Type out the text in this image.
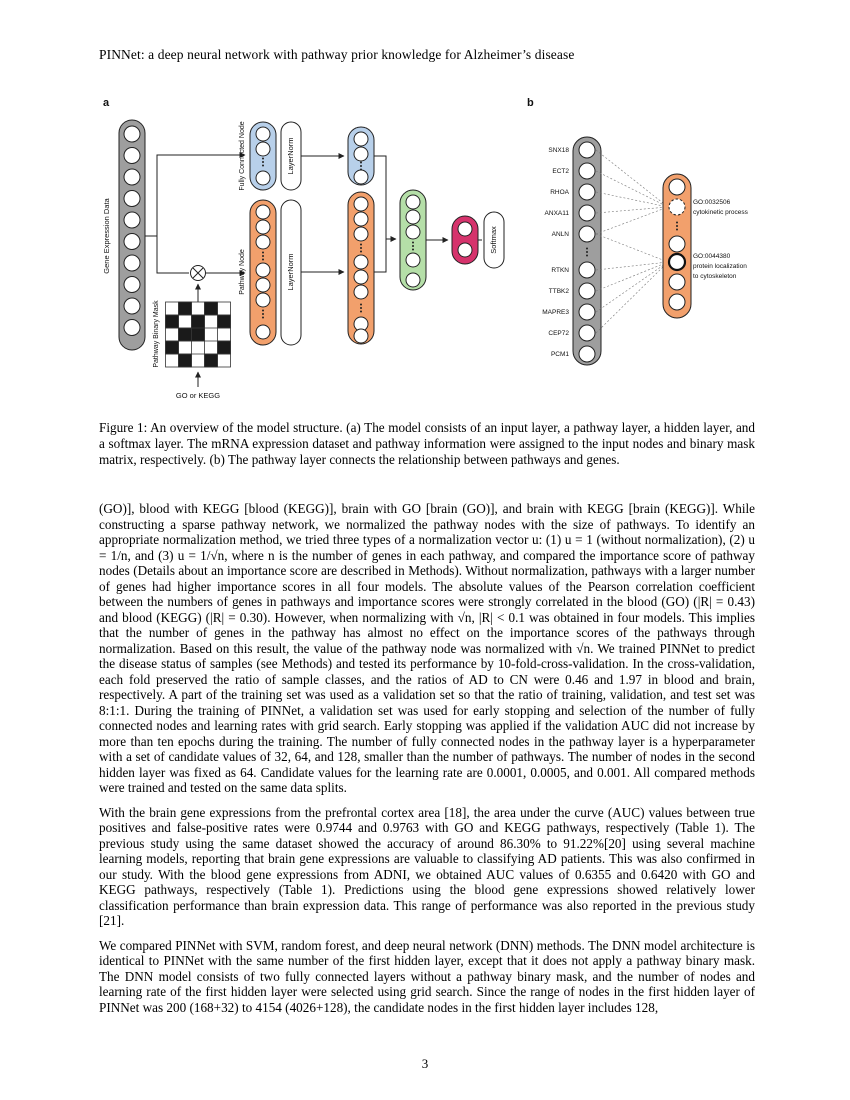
PINNet: a deep neural network with pathway prior knowledge for Alzheimer’s disease
a
Gene Expression Data
Pathway Binary Mask
GO or KEGG
Fully Connected Node	LayerNorm
Pathway Node	LayerNorm
Softmax
b
SNX18
ECT2
RHOA
ANXA11
ANLN
RTKN
TTBK2
MAPRE3
CEP72
PCM1
GO:0032506
cytokinetic process
GO:0044380
protein localization
to cytoskeleton
Figure 1: An overview of the model structure. (a) The model consists of an input layer, a pathway layer, a hidden layer, and a softmax layer. The mRNA expression dataset and pathway information were assigned to the input nodes and binary mask matrix, respectively. (b) The pathway layer connects the relationship between pathways and genes.

(GO)], blood with KEGG [blood (KEGG)], brain with GO [brain (GO)], and brain with KEGG [brain (KEGG)]. While constructing a sparse pathway network, we normalized the pathway nodes with the size of pathways. To identify an appropriate normalization method, we tried three types of a normalization vector u: (1) u = 1 (without normalization), (2) u = 1/n, and (3) u = 1/√n, where n is the number of genes in each pathway, and compared the importance score of pathway nodes (Details about an importance score are described in Methods). Without normalization, pathways with a larger number of genes had higher importance scores in all four models. The absolute values of the Pearson correlation coefficient between the numbers of genes in pathways and importance scores were strongly correlated in the blood (GO) (|R| = 0.43) and blood (KEGG) (|R| = 0.30). However, when normalizing with √n, |R| < 0.1 was obtained in four models. This implies that the number of genes in the pathway has almost no effect on the importance scores of the pathways through normalization. Based on this result, the value of the pathway node was normalized with √n. We trained PINNet to predict the disease status of samples (see Methods) and tested its performance by 10-fold-cross-validation. In the cross-validation, each fold preserved the ratio of sample classes, and the ratios of AD to CN were 0.46 and 1.97 in blood and brain, respectively. A part of the training set was used as a validation set so that the ratio of training, validation, and test set was 8:1:1. During the training of PINNet, a validation set was used for early stopping and selection of the number of fully connected nodes and learning rates with grid search. Early stopping was applied if the validation AUC did not increase by more than ten epochs during the training. The number of fully connected nodes in the pathway layer is a hyperparameter with a set of candidate values of 32, 64, and 128, smaller than the number of pathways. The number of nodes in the second hidden layer was fixed as 64. Candidate values for the learning rate are 0.0001, 0.0005, and 0.001. All compared methods were trained and tested on the same data splits.

With the brain gene expressions from the prefrontal cortex area [18], the area under the curve (AUC) values between true positives and false-positive rates were 0.9744 and 0.9763 with GO and KEGG pathways, respectively (Table 1). The previous study using the same dataset showed the accuracy of around 86.30% to 91.22%[20] using several machine learning models, reporting that brain gene expressions are valuable to classifying AD patients. This was also confirmed in our study. With the blood gene expressions from ADNI, we obtained AUC values of 0.6355 and 0.6420 with GO and KEGG pathways, respectively (Table 1). Predictions using the blood gene expressions showed relatively lower classification performance than brain expression data. This range of performance was also reported in the previous study [21].

We compared PINNet with SVM, random forest, and deep neural network (DNN) methods. The DNN model architecture is identical to PINNet with the same number of the first hidden layer, except that it does not apply a pathway binary mask. The DNN model consists of two fully connected layers without a pathway binary mask, and the number of nodes and learning rate of the first hidden layer were selected using grid search. Since the range of nodes in the first hidden layer of PINNet was 200 (168+32) to 4154 (4026+128), the candidate nodes in the first hidden layer includes 128,

3
